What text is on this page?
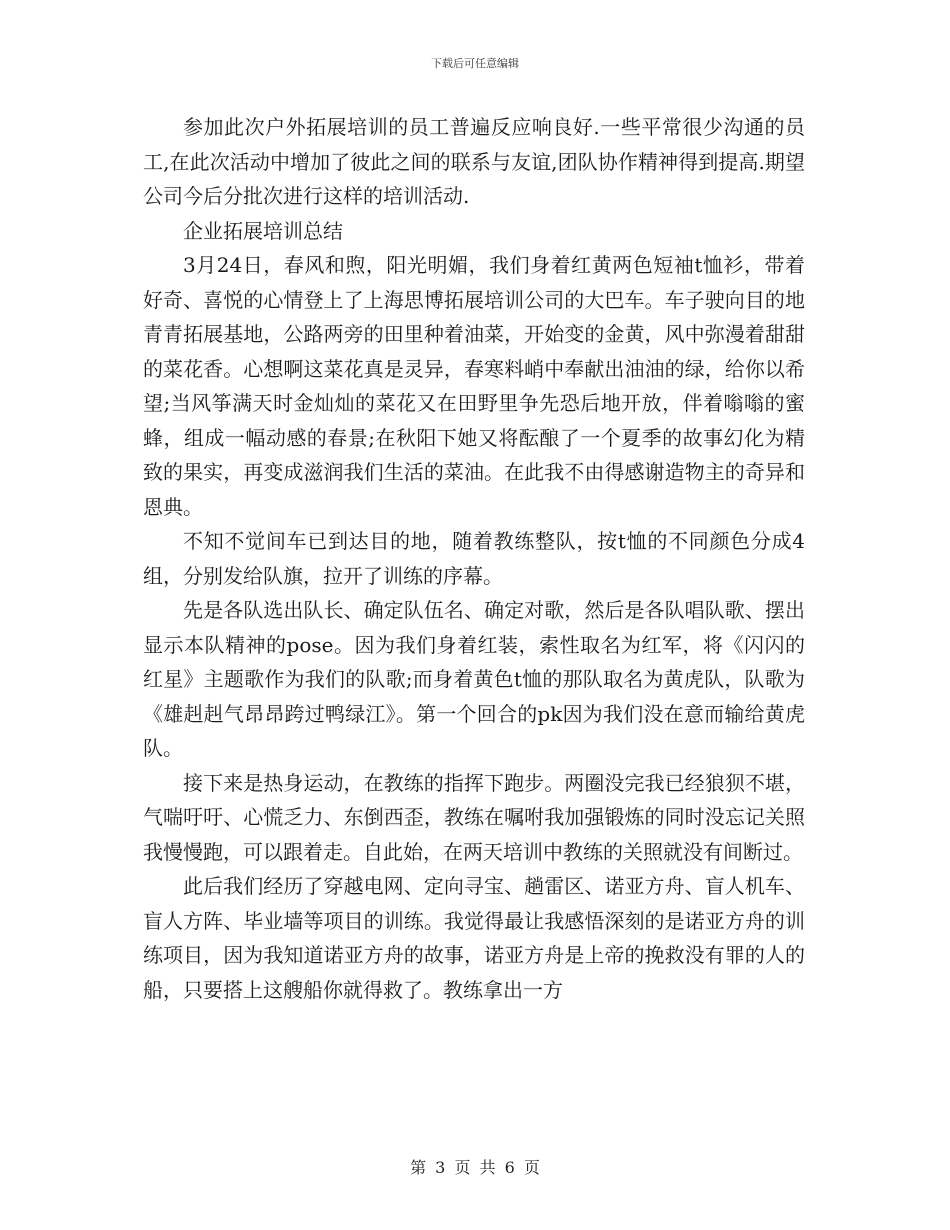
下载后可任意编辑

参加此次户外拓展培训的员工普遍反应响良好.一些平常很少沟通的员工,在此次活动中增加了彼此之间的联系与友谊,团队协作精神得到提高.期望公司今后分批次进行这样的培训活动.

企业拓展培训总结

3月24日，春风和煦，阳光明媚，我们身着红黄两色短袖t恤衫，带着好奇、喜悦的心情登上了上海思博拓展培训公司的大巴车。车子驶向目的地青青拓展基地，公路两旁的田里种着油菜，开始变的金黄，风中弥漫着甜甜的菜花香。心想啊这菜花真是灵异，春寒料峭中奉献出油油的绿，给你以希望;当风筝满天时金灿灿的菜花又在田野里争先恐后地开放，伴着嗡嗡的蜜蜂，组成一幅动感的春景;在秋阳下她又将酝酿了一个夏季的故事幻化为精致的果实，再变成滋润我们生活的菜油。在此我不由得感谢造物主的奇异和恩典。

不知不觉间车已到达目的地，随着教练整队，按t恤的不同颜色分成4组，分别发给队旗，拉开了训练的序幕。

先是各队选出队长、确定队伍名、确定对歌，然后是各队唱队歌、摆出显示本队精神的pose。因为我们身着红装，索性取名为红军，将《闪闪的红星》主题歌作为我们的队歌;而身着黄色t恤的那队取名为黄虎队，队歌为《雄赳赳气昂昂跨过鸭绿江》。第一个回合的pk因为我们没在意而输给黄虎队。

接下来是热身运动，在教练的指挥下跑步。两圈没完我已经狼狈不堪，气喘吁吁、心慌乏力、东倒西歪，教练在嘱咐我加强锻炼的同时没忘记关照我慢慢跑，可以跟着走。自此始，在两天培训中教练的关照就没有间断过。

此后我们经历了穿越电网、定向寻宝、趟雷区、诺亚方舟、盲人机车、盲人方阵、毕业墙等项目的训练。我觉得最让我感悟深刻的是诺亚方舟的训练项目，因为我知道诺亚方舟的故事，诺亚方舟是上帝的挽救没有罪的人的船，只要搭上这艘船你就得救了。教练拿出一方

第 3 页 共 6 页
